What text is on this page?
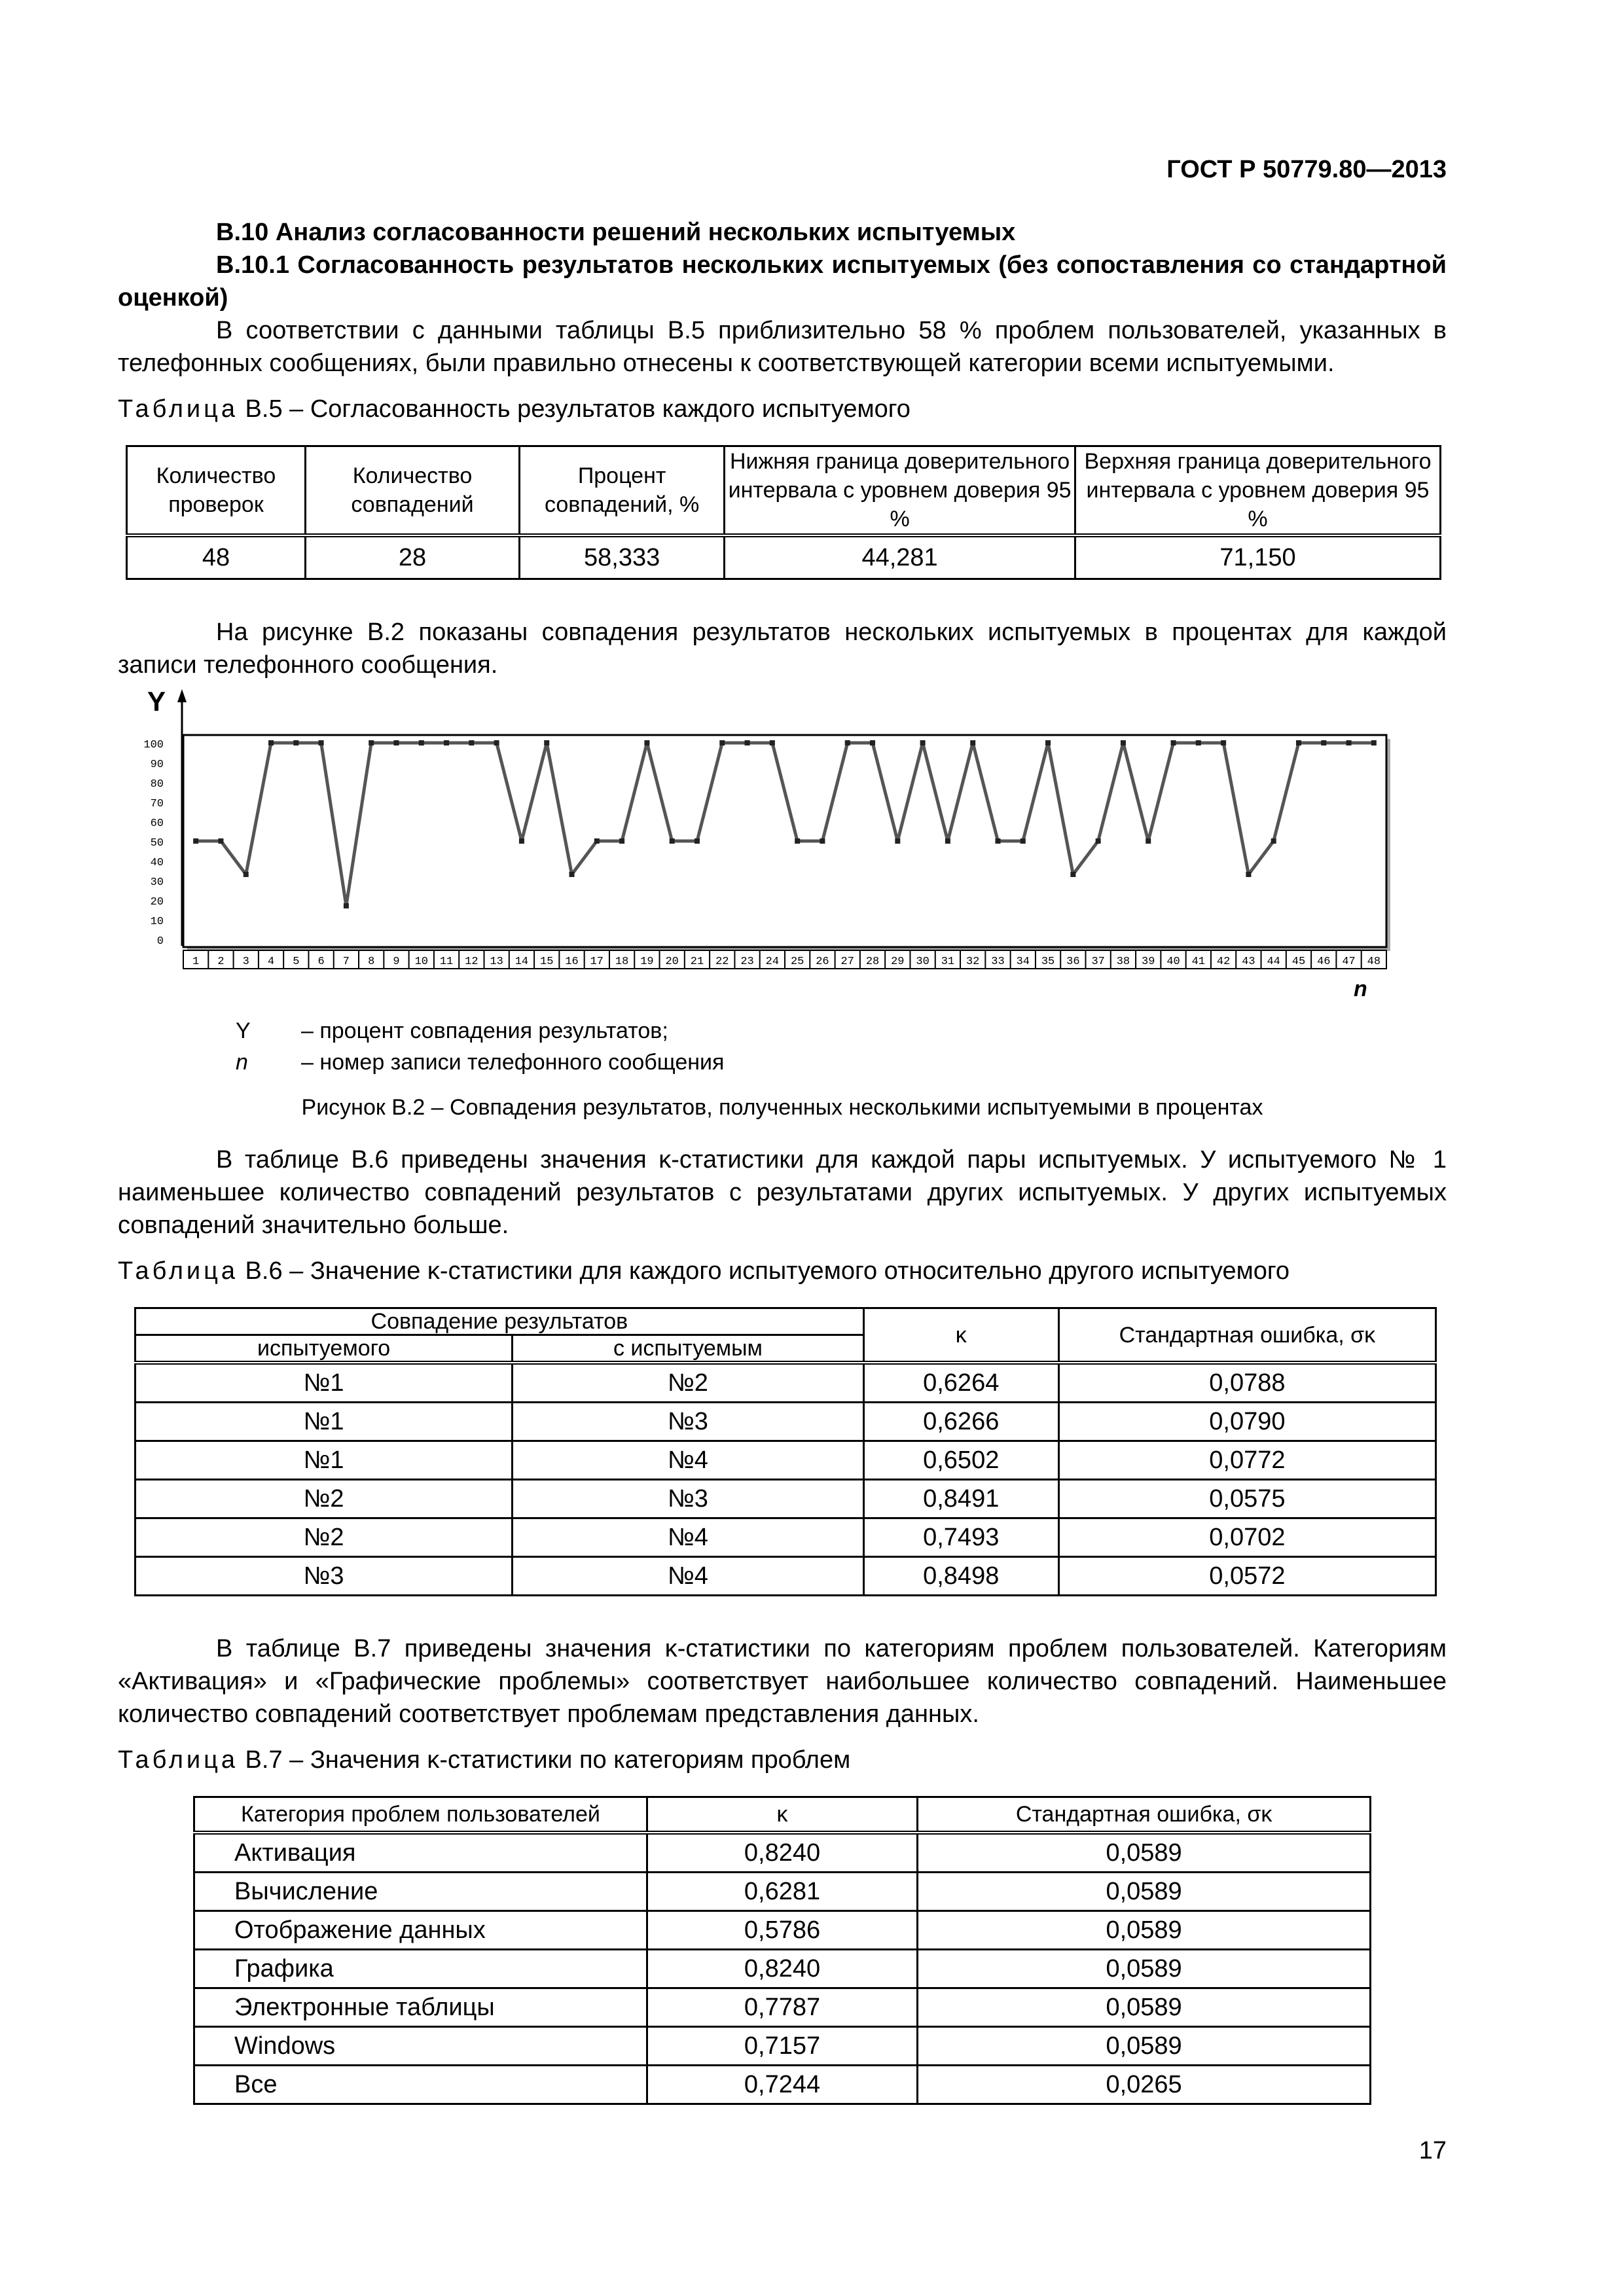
ГОСТ Р 50779.80—2013

В.10 Анализ согласованности решений нескольких испытуемых

В.10.1 Согласованность результатов нескольких испытуемых (без сопоставления со стандартной оценкой)

В соответствии с данными таблицы В.5 приблизительно 58 % проблем пользователей, указанных в телефонных сообщениях, были правильно отнесены к соответствующей категории всеми испытуемыми.

Таблица В.5 – Согласованность результатов каждого испытуемого
Количество проверок	Количество совпадений	Процент совпадений, %	Нижняя граница доверительного интервала с уровнем доверия 95 %	Верхняя граница доверительного интервала с уровнем доверия 95 %
48	28	58,333	44,281	71,150

На рисунке В.2 показаны совпадения результатов нескольких испытуемых в процентах для каждой записи телефонного сообщения.

Y
0
10
20
30
40
50
60
70
80
90
100
1 2 3 4 5 6 7 8 9 10 11 12 13 14 15 16 17 18 19 20 21 22 23 24 25 26 27 28 29 30 31 32 33 34 35 36 37 38 39 40 41 42 43 44 45 46 47 48
n
Y – процент совпадения результатов;
n – номер записи телефонного сообщения
Рисунок В.2 – Совпадения результатов, полученных несколькими испытуемыми в процентах

В таблице В.6 приведены значения κ-статистики для каждой пары испытуемых. У испытуемого № 1 наименьшее количество совпадений результатов с результатами других испытуемых. У других испытуемых совпадений значительно больше.

Таблица В.6 – Значение κ-статистики для каждого испытуемого относительно другого испытуемого
Совпадение результатов		κ	Стандартная ошибка, σκ
испытуемого	с испытуемым		
№1	№2	0,6264	0,0788
№1	№3	0,6266	0,0790
№1	№4	0,6502	0,0772
№2	№3	0,8491	0,0575
№2	№4	0,7493	0,0702
№3	№4	0,8498	0,0572

В таблице В.7 приведены значения κ-статистики по категориям проблем пользователей. Категориям «Активация» и «Графические проблемы» соответствует наибольшее количество совпадений. Наименьшее количество совпадений соответствует проблемам представления данных.

Таблица В.7 – Значения κ-статистики по категориям проблем
Категория проблем пользователей	κ	Стандартная ошибка, σκ
Активация	0,8240	0,0589
Вычисление	0,6281	0,0589
Отображение данных	0,5786	0,0589
Графика	0,8240	0,0589
Электронные таблицы	0,7787	0,0589
Windows	0,7157	0,0589
Все	0,7244	0,0265
17
